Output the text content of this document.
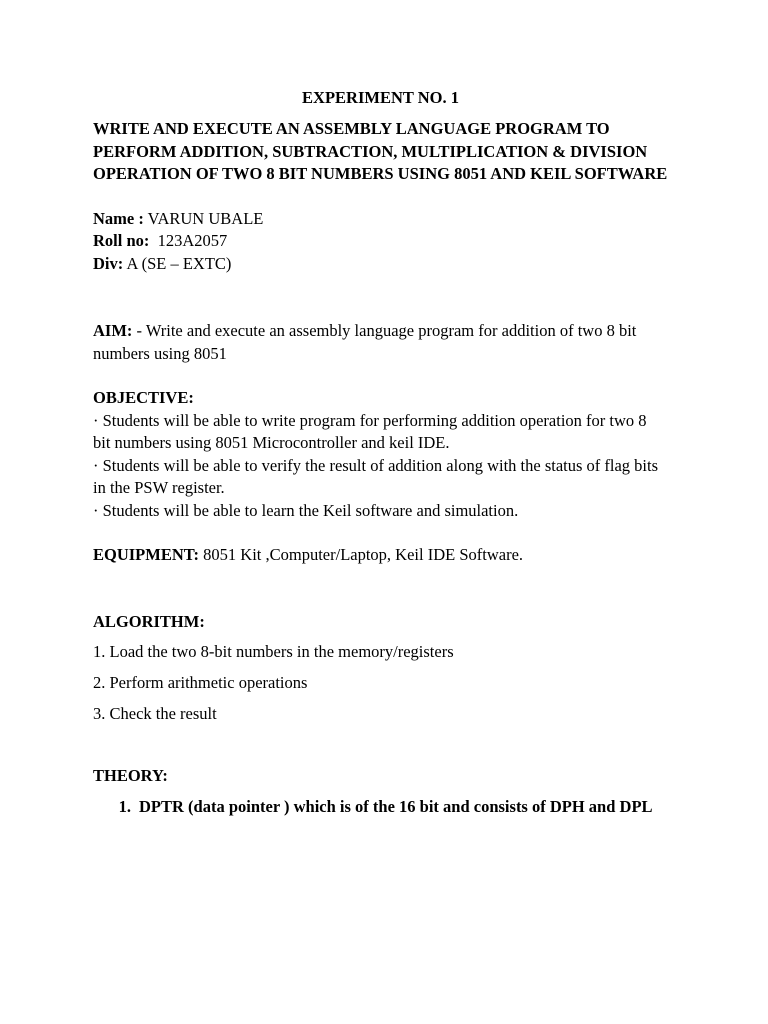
EXPERIMENT NO. 1
WRITE AND EXECUTE AN ASSEMBLY LANGUAGE PROGRAM TO PERFORM ADDITION, SUBTRACTION, MULTIPLICATION & DIVISION OPERATION OF TWO 8 BIT NUMBERS USING 8051 AND KEIL SOFTWARE
Name : VARUN UBALE
Roll no:  123A2057
Div: A (SE – EXTC)
AIM: - Write and execute an assembly language program for addition of two 8 bit numbers using 8051
OBJECTIVE:
· Students will be able to write program for performing addition operation for two 8 bit numbers using 8051 Microcontroller and keil IDE.
· Students will be able to verify the result of addition along with the status of flag bits in the PSW register.
· Students will be able to learn the Keil software and simulation.
EQUIPMENT: 8051 Kit ,Computer/Laptop, Keil IDE Software.
ALGORITHM:
1. Load the two 8-bit numbers in the memory/registers
2. Perform arithmetic operations
3. Check the result
THEORY:
1. DPTR (data pointer ) which is of the 16 bit and consists of DPH and DPL
